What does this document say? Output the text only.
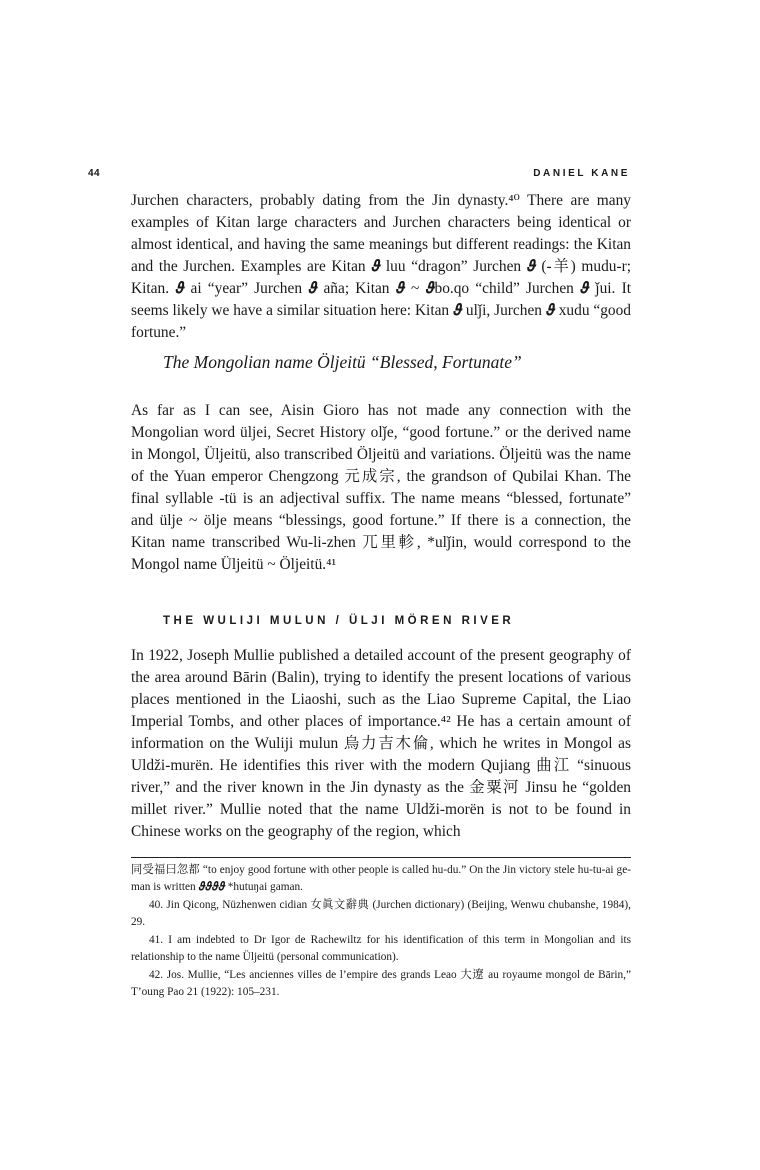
44	DANIEL KANE

Jurchen characters, probably dating from the Jin dynasty.⁴⁰ There are many examples of Kitan large characters and Jurchen characters being identical or almost identical, and having the same meanings but different readings: the Kitan and the Jurchen. Examples are Kitan 𝝑 luu “dragon” Jurchen 𝝑 (-羊) mudu-r; Kitan. 𝝑 ai “year” Jurchen 𝝑 aña; Kitan 𝝑 ~ 𝝑bo.qo “child” Jurchen 𝝑 ǰui. It seems likely we have a similar situation here: Kitan 𝝑 ulǰi, Jurchen 𝝑 xudu “good fortune.”

The Mongolian name Öljeitü “Blessed, Fortunate”

As far as I can see, Aisin Gioro has not made any connection with the Mongolian word üljei, Secret History olǰe, “good fortune.” or the derived name in Mongol, Üljeitü, also transcribed Öljeitü and variations. Öljeitü was the name of the Yuan emperor Chengzong 元成宗, the grandson of Qubilai Khan. The final syllable -tü is an adjectival suffix. The name means “blessed, fortunate” and ülje ~ ölje means “blessings, good fortune.” If there is a connection, the Kitan name transcribed Wu-li-zhen 兀里軫, *ulǰin, would correspond to the Mongol name Üljeitü ~ Öljeitü.⁴¹

THE WULIJI MULUN / ÜLJI MÖREN RIVER

In 1922, Joseph Mullie published a detailed account of the present geography of the area around Bārin (Balin), trying to identify the present locations of various places mentioned in the Liaoshi, such as the Liao Supreme Capital, the Liao Imperial Tombs, and other places of importance.⁴² He has a certain amount of information on the Wuliji mulun 烏力吉木倫, which he writes in Mongol as Uldži-murën. He identifies this river with the modern Qujiang 曲江 “sinuous river,” and the river known in the Jin dynasty as the 金粟河 Jinsu he “golden millet river.” Mullie noted that the name Uldži-morën is not to be found in Chinese works on the geography of the region, which

同受福曰忽都 “to enjoy good fortune with other people is called hu-du.” On the Jin victory stele hu-tu-ai ge-man is written 𝝑𝝑𝝑𝝑 *hutuŋai gaman.

40. Jin Qicong, Nüzhenwen cidian 女眞文辭典 (Jurchen dictionary) (Beijing, Wenwu chubanshe, 1984), 29.

41. I am indebted to Dr Igor de Rachewiltz for his identification of this term in Mongolian and its relationship to the name Üljeitü (personal communication).

42. Jos. Mullie, “Les anciennes villes de l’empire des grands Leao 大遼 au royaume mongol de Bārin,” T’oung Pao 21 (1922): 105–231.
